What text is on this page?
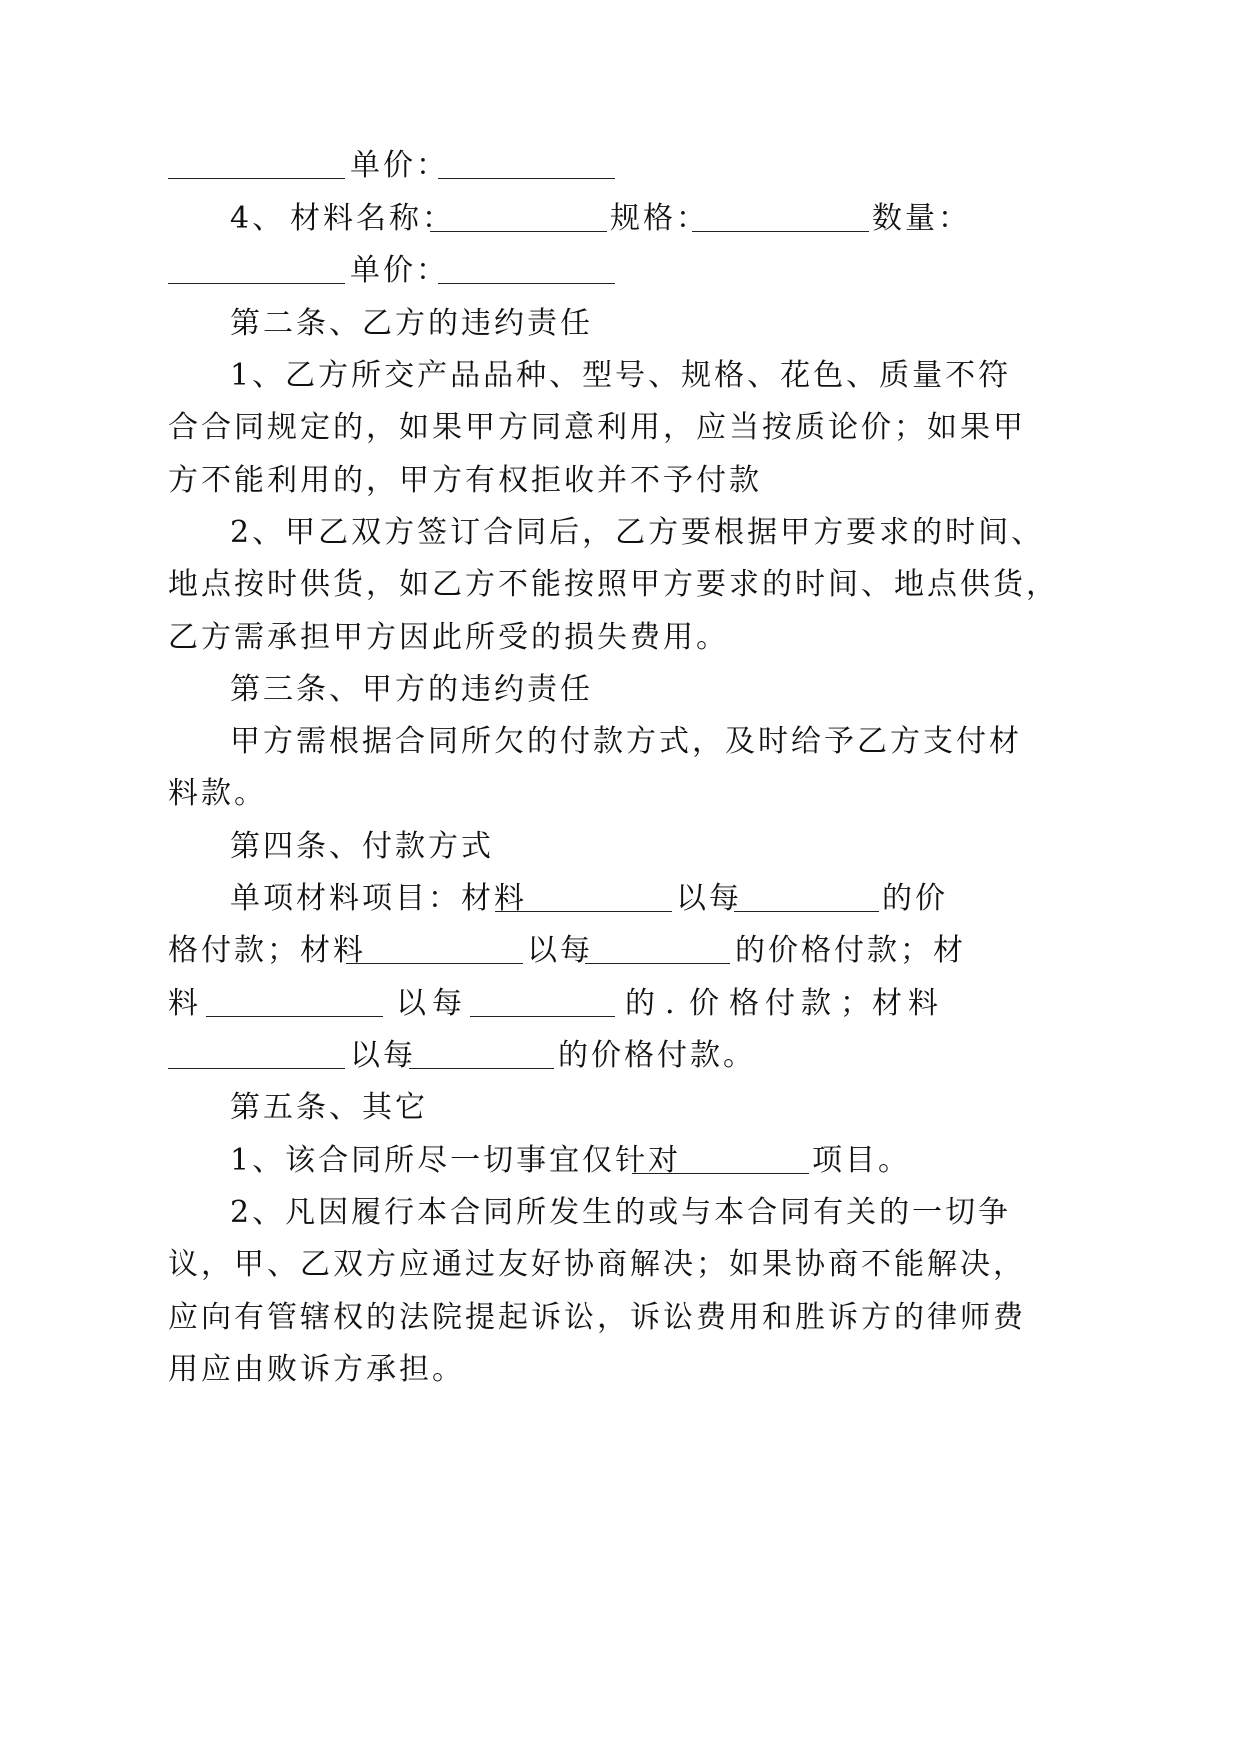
单价：
4、 材料名称：	规格：	数量：
单价：
第二条、乙方的违约责任
1、乙方所交产品品种、型号、规格、花色、质量不符
合合同规定的，如果甲方同意利用，应当按质论价；如果甲
方不能利用的，甲方有权拒收并不予付款
2、甲乙双方签订合同后，乙方要根据甲方要求的时间、
地点按时供货，如乙方不能按照甲方要求的时间、地点供货，
乙方需承担甲方因此所受的损失费用。
第三条、甲方的违约责任
甲方需根据合同所欠的付款方式，及时给予乙方支付材
料款。
第四条、付款方式
单项材料项目：材料	以每	的价
格付款；材料	以每	的价格付款；材
料	以 每	的 . 价 格 付 款 ； 材 料
以每	的价格付款。
第五条、其它
1、该合同所尽一切事宜仅针对	项目。
2、凡因履行本合同所发生的或与本合同有关的一切争
议，甲、乙双方应通过友好协商解决；如果协商不能解决，
应向有管辖权的法院提起诉讼，诉讼费用和胜诉方的律师费
用应由败诉方承担。
